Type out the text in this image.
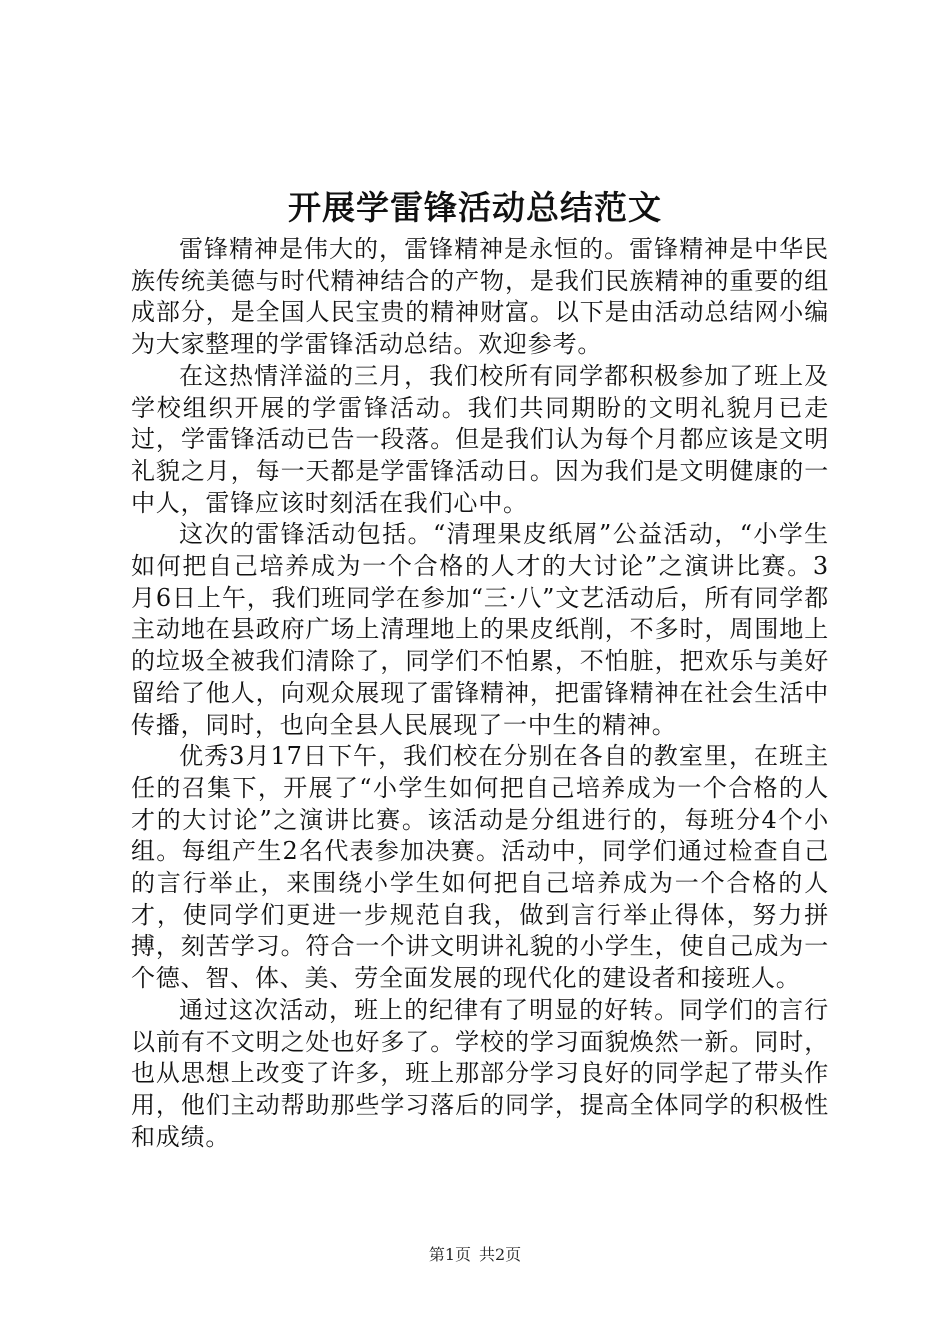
开展学雷锋活动总结范文

雷锋精神是伟大的，雷锋精神是永恒的。雷锋精神是中华民族传统美德与时代精神结合的产物，是我们民族精神的重要的组成部分，是全国人民宝贵的精神财富。以下是由活动总结网小编为大家整理的学雷锋活动总结。欢迎参考。

在这热情洋溢的三月，我们校所有同学都积极参加了班上及学校组织开展的学雷锋活动。我们共同期盼的文明礼貌月已走过，学雷锋活动已告一段落。但是我们认为每个月都应该是文明礼貌之月，每一天都是学雷锋活动日。因为我们是文明健康的一中人，雷锋应该时刻活在我们心中。

这次的雷锋活动包括。“清理果皮纸屑”公益活动，“小学生如何把自己培养成为一个合格的人才的大讨论”之演讲比赛。3月6日上午，我们班同学在参加“三·八”文艺活动后，所有同学都主动地在县政府广场上清理地上的果皮纸削，不多时，周围地上的垃圾全被我们清除了，同学们不怕累，不怕脏，把欢乐与美好留给了他人，向观众展现了雷锋精神，把雷锋精神在社会生活中传播，同时，也向全县人民展现了一中生的精神。

优秀3月17日下午，我们校在分别在各自的教室里，在班主任的召集下，开展了“小学生如何把自己培养成为一个合格的人才的大讨论”之演讲比赛。该活动是分组进行的，每班分4个小组。每组产生2名代表参加决赛。活动中，同学们通过检查自己的言行举止，来围绕小学生如何把自己培养成为一个合格的人才，使同学们更进一步规范自我，做到言行举止得体，努力拼搏，刻苦学习。符合一个讲文明讲礼貌的小学生，使自己成为一个德、智、体、美、劳全面发展的现代化的建设者和接班人。

通过这次活动，班上的纪律有了明显的好转。同学们的言行以前有不文明之处也好多了。学校的学习面貌焕然一新。同时，也从思想上改变了许多，班上那部分学习良好的同学起了带头作用，他们主动帮助那些学习落后的同学，提高全体同学的积极性和成绩。

第1页 共2页
